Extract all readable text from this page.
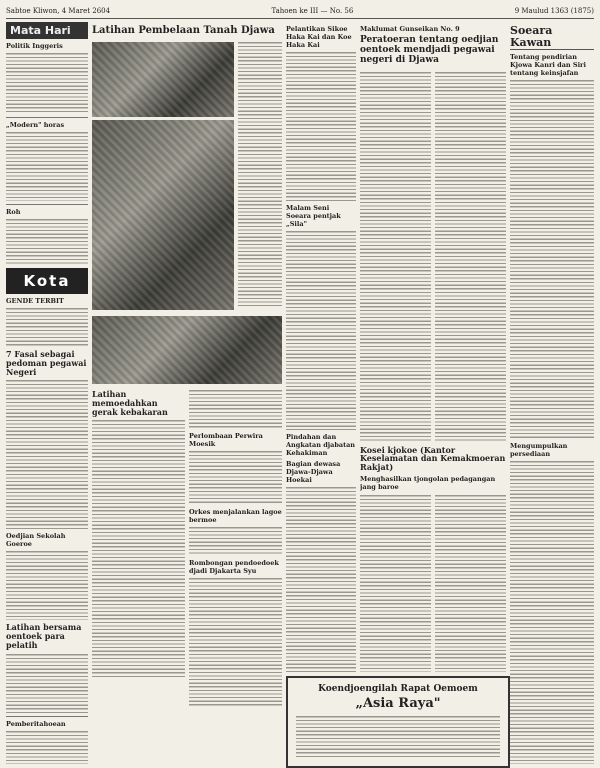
Sabtoe Kliwon, 4 Maret 2604	Tahoen ke III — No. 56	9 Maulud 1363 (1875)
Mata Hari
Politik Inggeris
„Modern" horas
Roh
Kota
GENDE TERBIT
7 Fasal sebagai pedoman pegawai Negeri
Oedjian Sekolah Goeroe
Latihan bersama oentoek para pelatih
Pemberitahoean
Latihan Pembelaan Tanah Djawa
Latihan memoedahkan gerak kebakaran
Perlombaan Perwira Moesik
Orkes menjalankan lagoe bermoe
Rombongan pendoedoek djadi Djakarta Syu
Pelantikan Sikoe Haka Kai dan Koe Haka Kai
Malam Seni Soeara pentjak „Sila"
Pindahan dan Angkatan djabatan Kehakiman
Bagian dewasa Djawa-Djawa Hoekai
Maklumat Gunseikan No. 9
Peratoeran tentang oedjian oentoek mendjadi pegawai negeri di Djawa
Kosei kjokoe (Kantor Keselamatan dan Kemakmoeran Rakjat)
Menghasilkan tjongolan pedagangan jang baroe
Koendjoengilah Rapat Oemoem
„Asia Raya"
Soeara Kawan
Tentang pendirian Kjowa Kanri dan Siri tentang keinsjafan
Mengumpulkan persediaan
